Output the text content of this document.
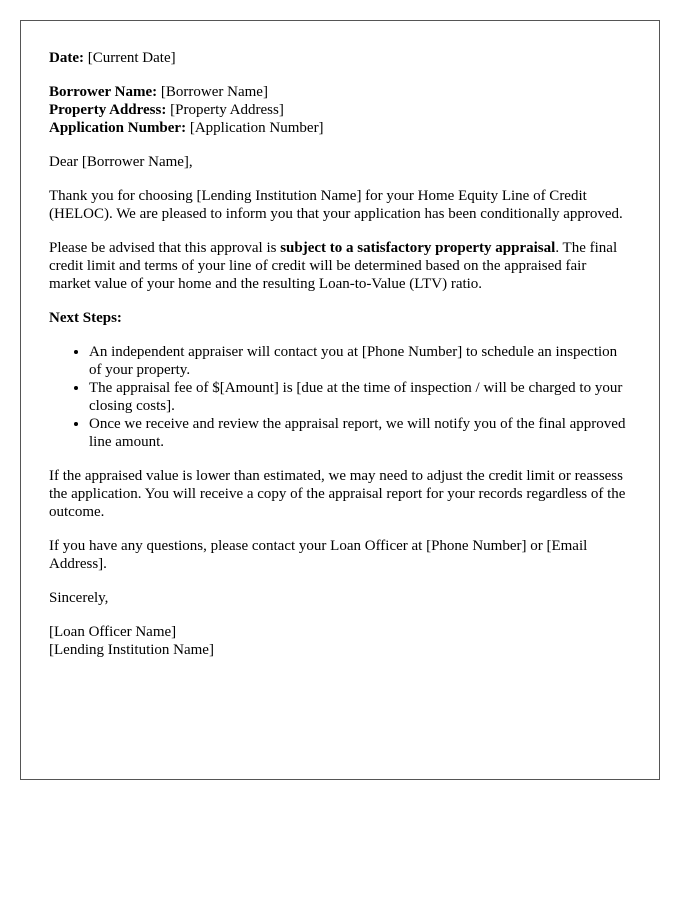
Date: [Current Date]

Borrower Name: [Borrower Name]
Property Address: [Property Address]
Application Number: [Application Number]

Dear [Borrower Name],

Thank you for choosing [Lending Institution Name] for your Home Equity Line of Credit (HELOC). We are pleased to inform you that your application has been conditionally approved.

Please be advised that this approval is subject to a satisfactory property appraisal. The final credit limit and terms of your line of credit will be determined based on the appraised fair market value of your home and the resulting Loan-to-Value (LTV) ratio.

Next Steps:

• An independent appraiser will contact you at [Phone Number] to schedule an inspection of your property.
• The appraisal fee of $[Amount] is [due at the time of inspection / will be charged to your closing costs].
• Once we receive and review the appraisal report, we will notify you of the final approved line amount.

If the appraised value is lower than estimated, we may need to adjust the credit limit or reassess the application. You will receive a copy of the appraisal report for your records regardless of the outcome.

If you have any questions, please contact your Loan Officer at [Phone Number] or [Email Address].

Sincerely,

[Loan Officer Name]
[Lending Institution Name]
